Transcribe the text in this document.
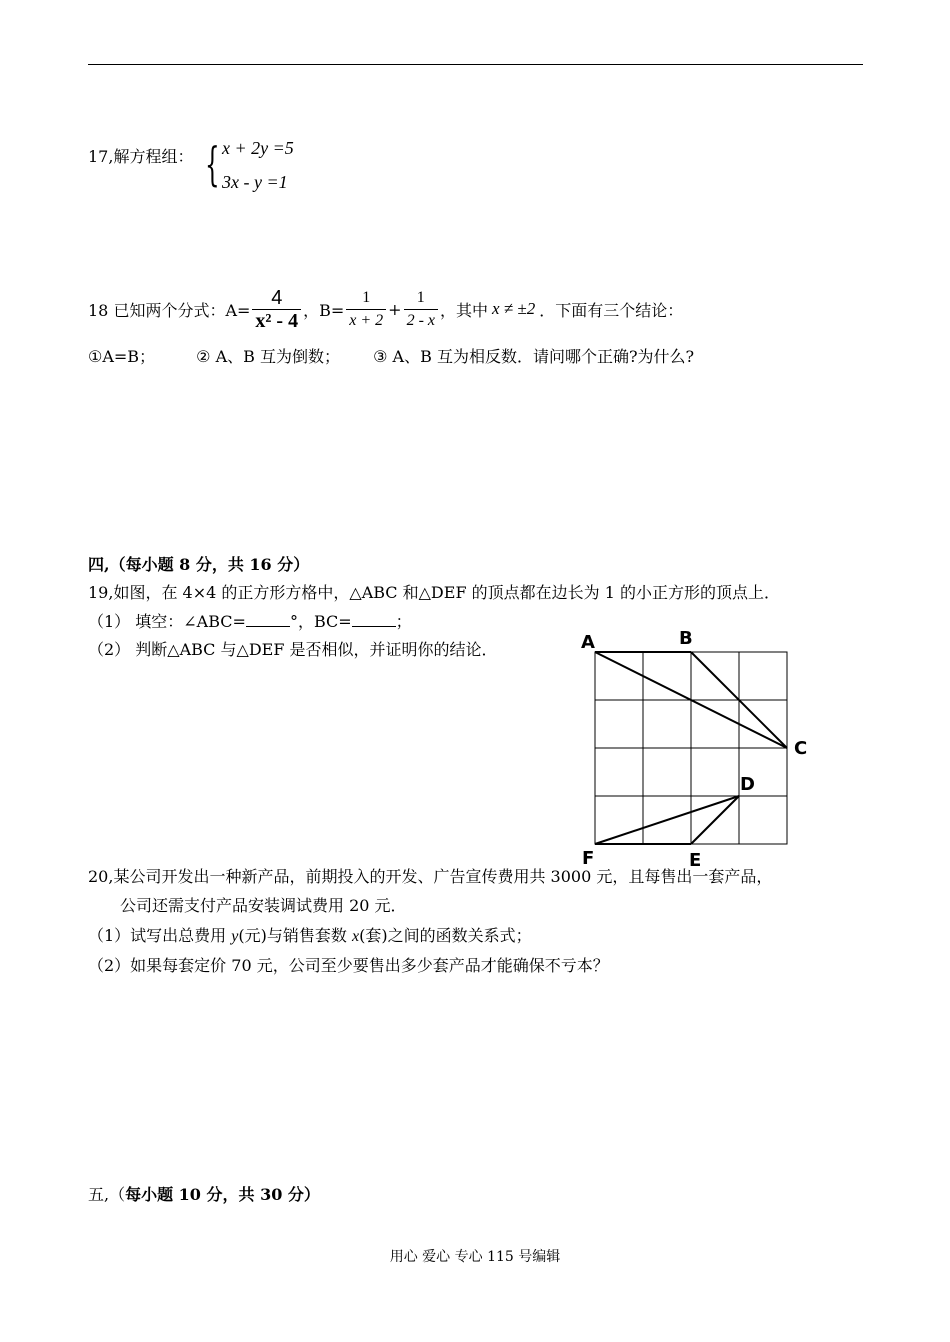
17,解方程组： { x + 2y =5
3x - y =1
18 已知两个分式：$A= \frac{4}{\text{x² - 4}}$ ，$B= \frac{1}{x + 2} + \frac{1}{2 - x}$ ，其中 x ≠ ±2 ．下面有三个结论：
①A=B；	② A、B 互为倒数； ③ A、B 互为相反数．请问哪个正确?为什么?
四,（每小题 8 分，共 16 分）
19,如图，在 4×4 的正方形方格中，△ABC 和△DEF 的顶点都在边长为 1 的小正方形的顶点上．
（1） 填空：∠ABC=	°，BC=	；
（2） 判断△ABC 与△DEF 是否相似，并证明你的结论．	A	B
C
D
E
F
20,某公司开发出一种新产品，前期投入的开发、广告宣传费用共 3000 元，且每售出一套产品，
公司还需支付产品安装调试费用 20 元．
（1）试写出总费用 y(元)与销售套数 x(套)之间的函数关系式；
（2）如果每套定价 70 元，公司至少要售出多少套产品才能确保不亏本？
五,（每小题 10 分，共 30 分）
用心 爱心 专心 115 号编辑
